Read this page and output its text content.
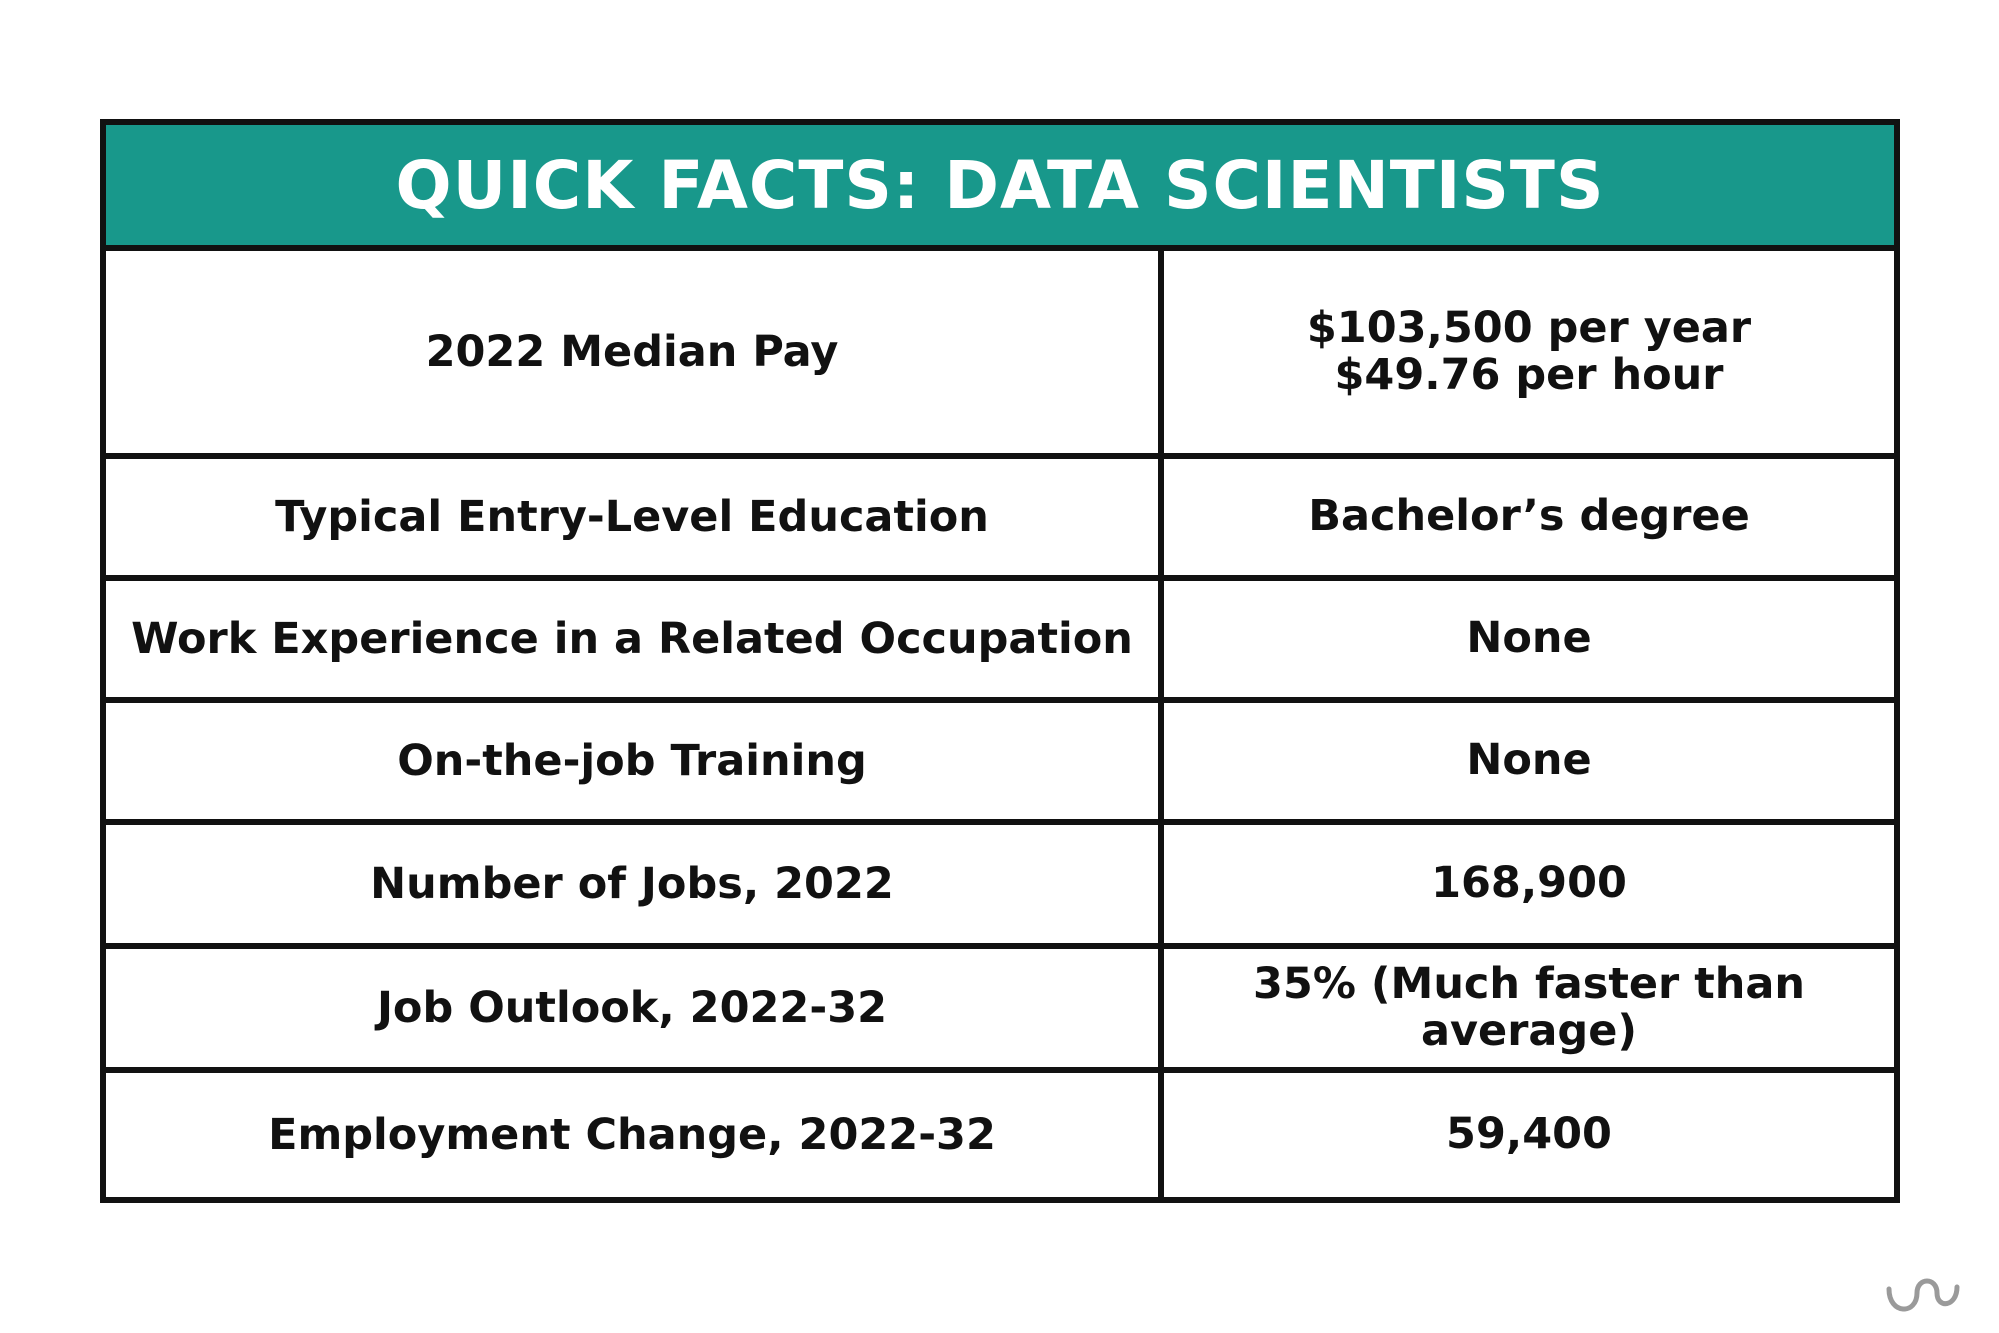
QUICK FACTS: DATA SCIENTISTS
2022 Median Pay	$103,500 per year
$49.76 per hour
Typical Entry-Level Education	Bachelor’s degree
Work Experience in a Related Occupation	None
On-the-job Training	None
Number of Jobs, 2022	168,900
Job Outlook, 2022-32	35% (Much faster than average)
Employment Change, 2022-32	59,400
